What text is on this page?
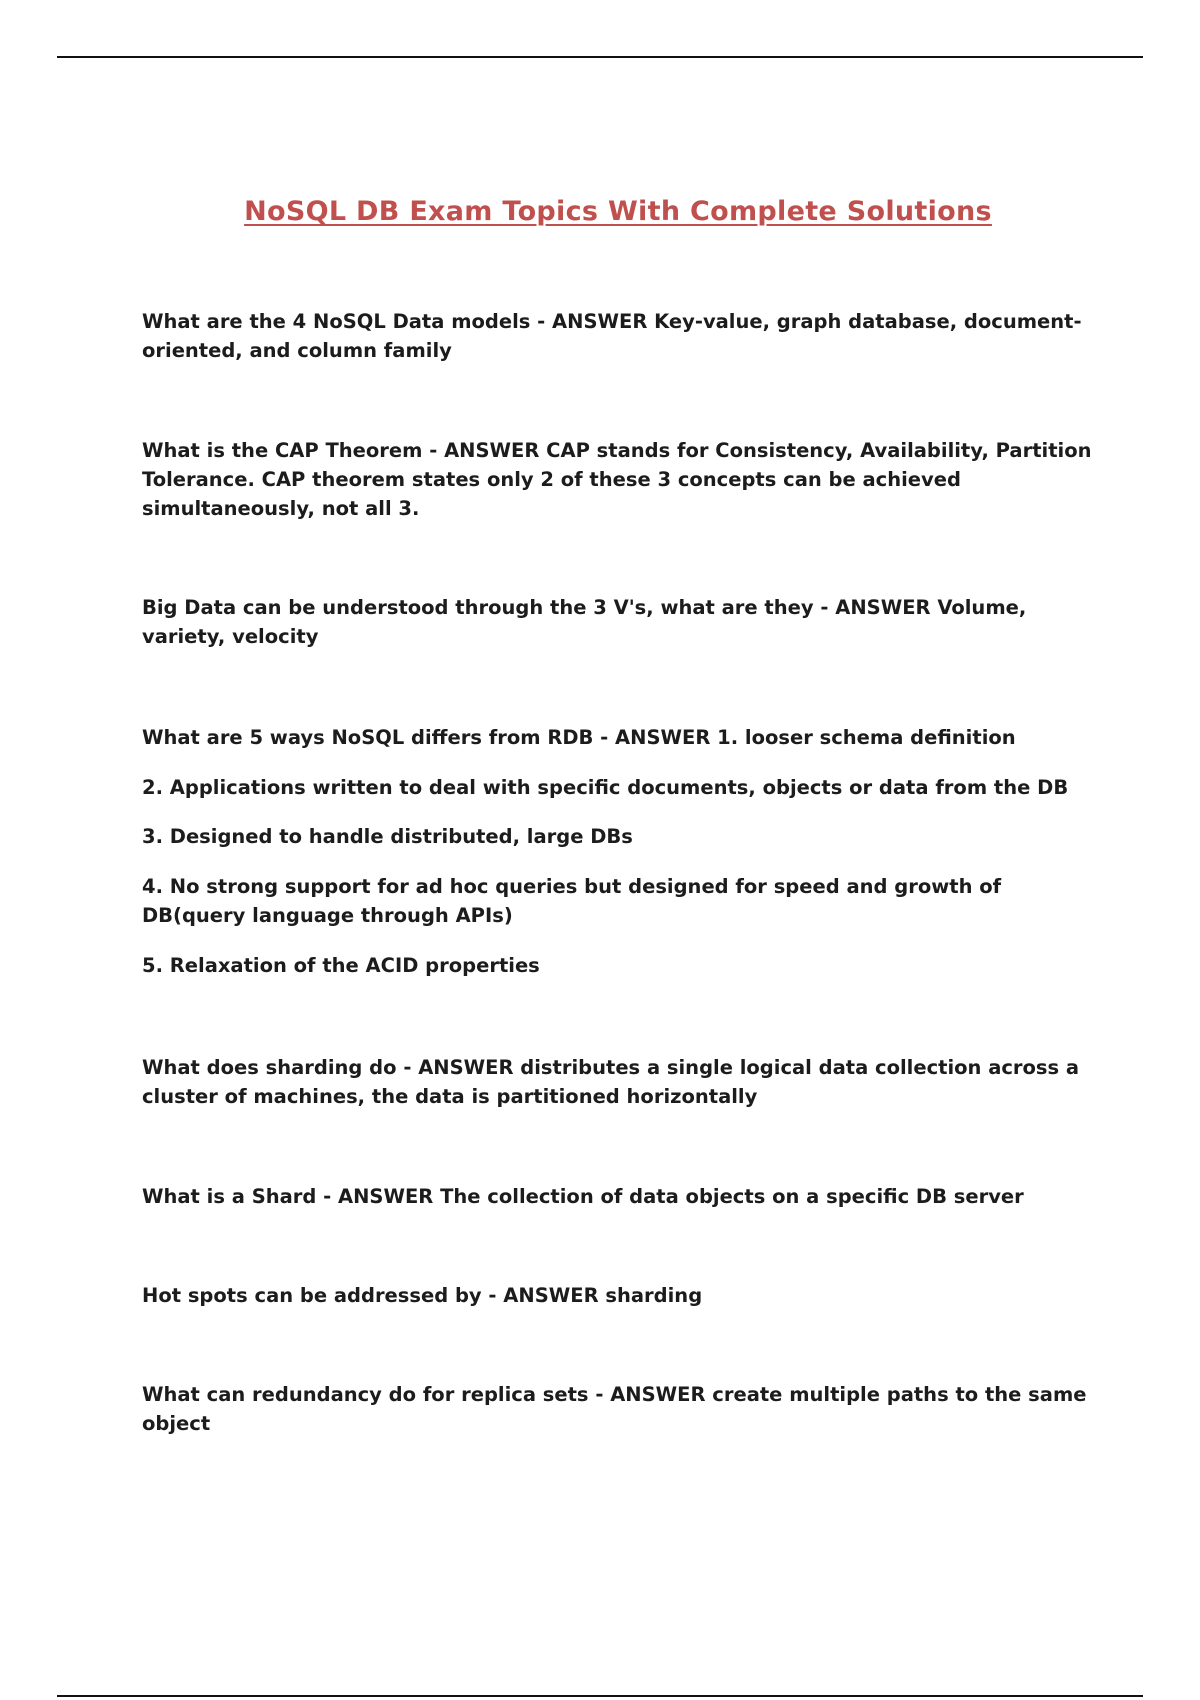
NoSQL DB Exam Topics With Complete Solutions

What are the 4 NoSQL Data models - ANSWER Key-value, graph database, document-oriented, and column family

What is the CAP Theorem - ANSWER CAP stands for Consistency, Availability, Partition Tolerance. CAP theorem states only 2 of these 3 concepts can be achieved simultaneously, not all 3.

Big Data can be understood through the 3 V's, what are they - ANSWER Volume, variety, velocity

What are 5 ways NoSQL differs from RDB - ANSWER 1. looser schema definition

2. Applications written to deal with specific documents, objects or data from the DB

3. Designed to handle distributed, large DBs

4. No strong support for ad hoc queries but designed for speed and growth of DB(query language through APIs)

5. Relaxation of the ACID properties

What does sharding do - ANSWER distributes a single logical data collection across a cluster of machines, the data is partitioned horizontally

What is a Shard - ANSWER The collection of data objects on a specific DB server

Hot spots can be addressed by - ANSWER sharding

What can redundancy do for replica sets - ANSWER create multiple paths to the same object
